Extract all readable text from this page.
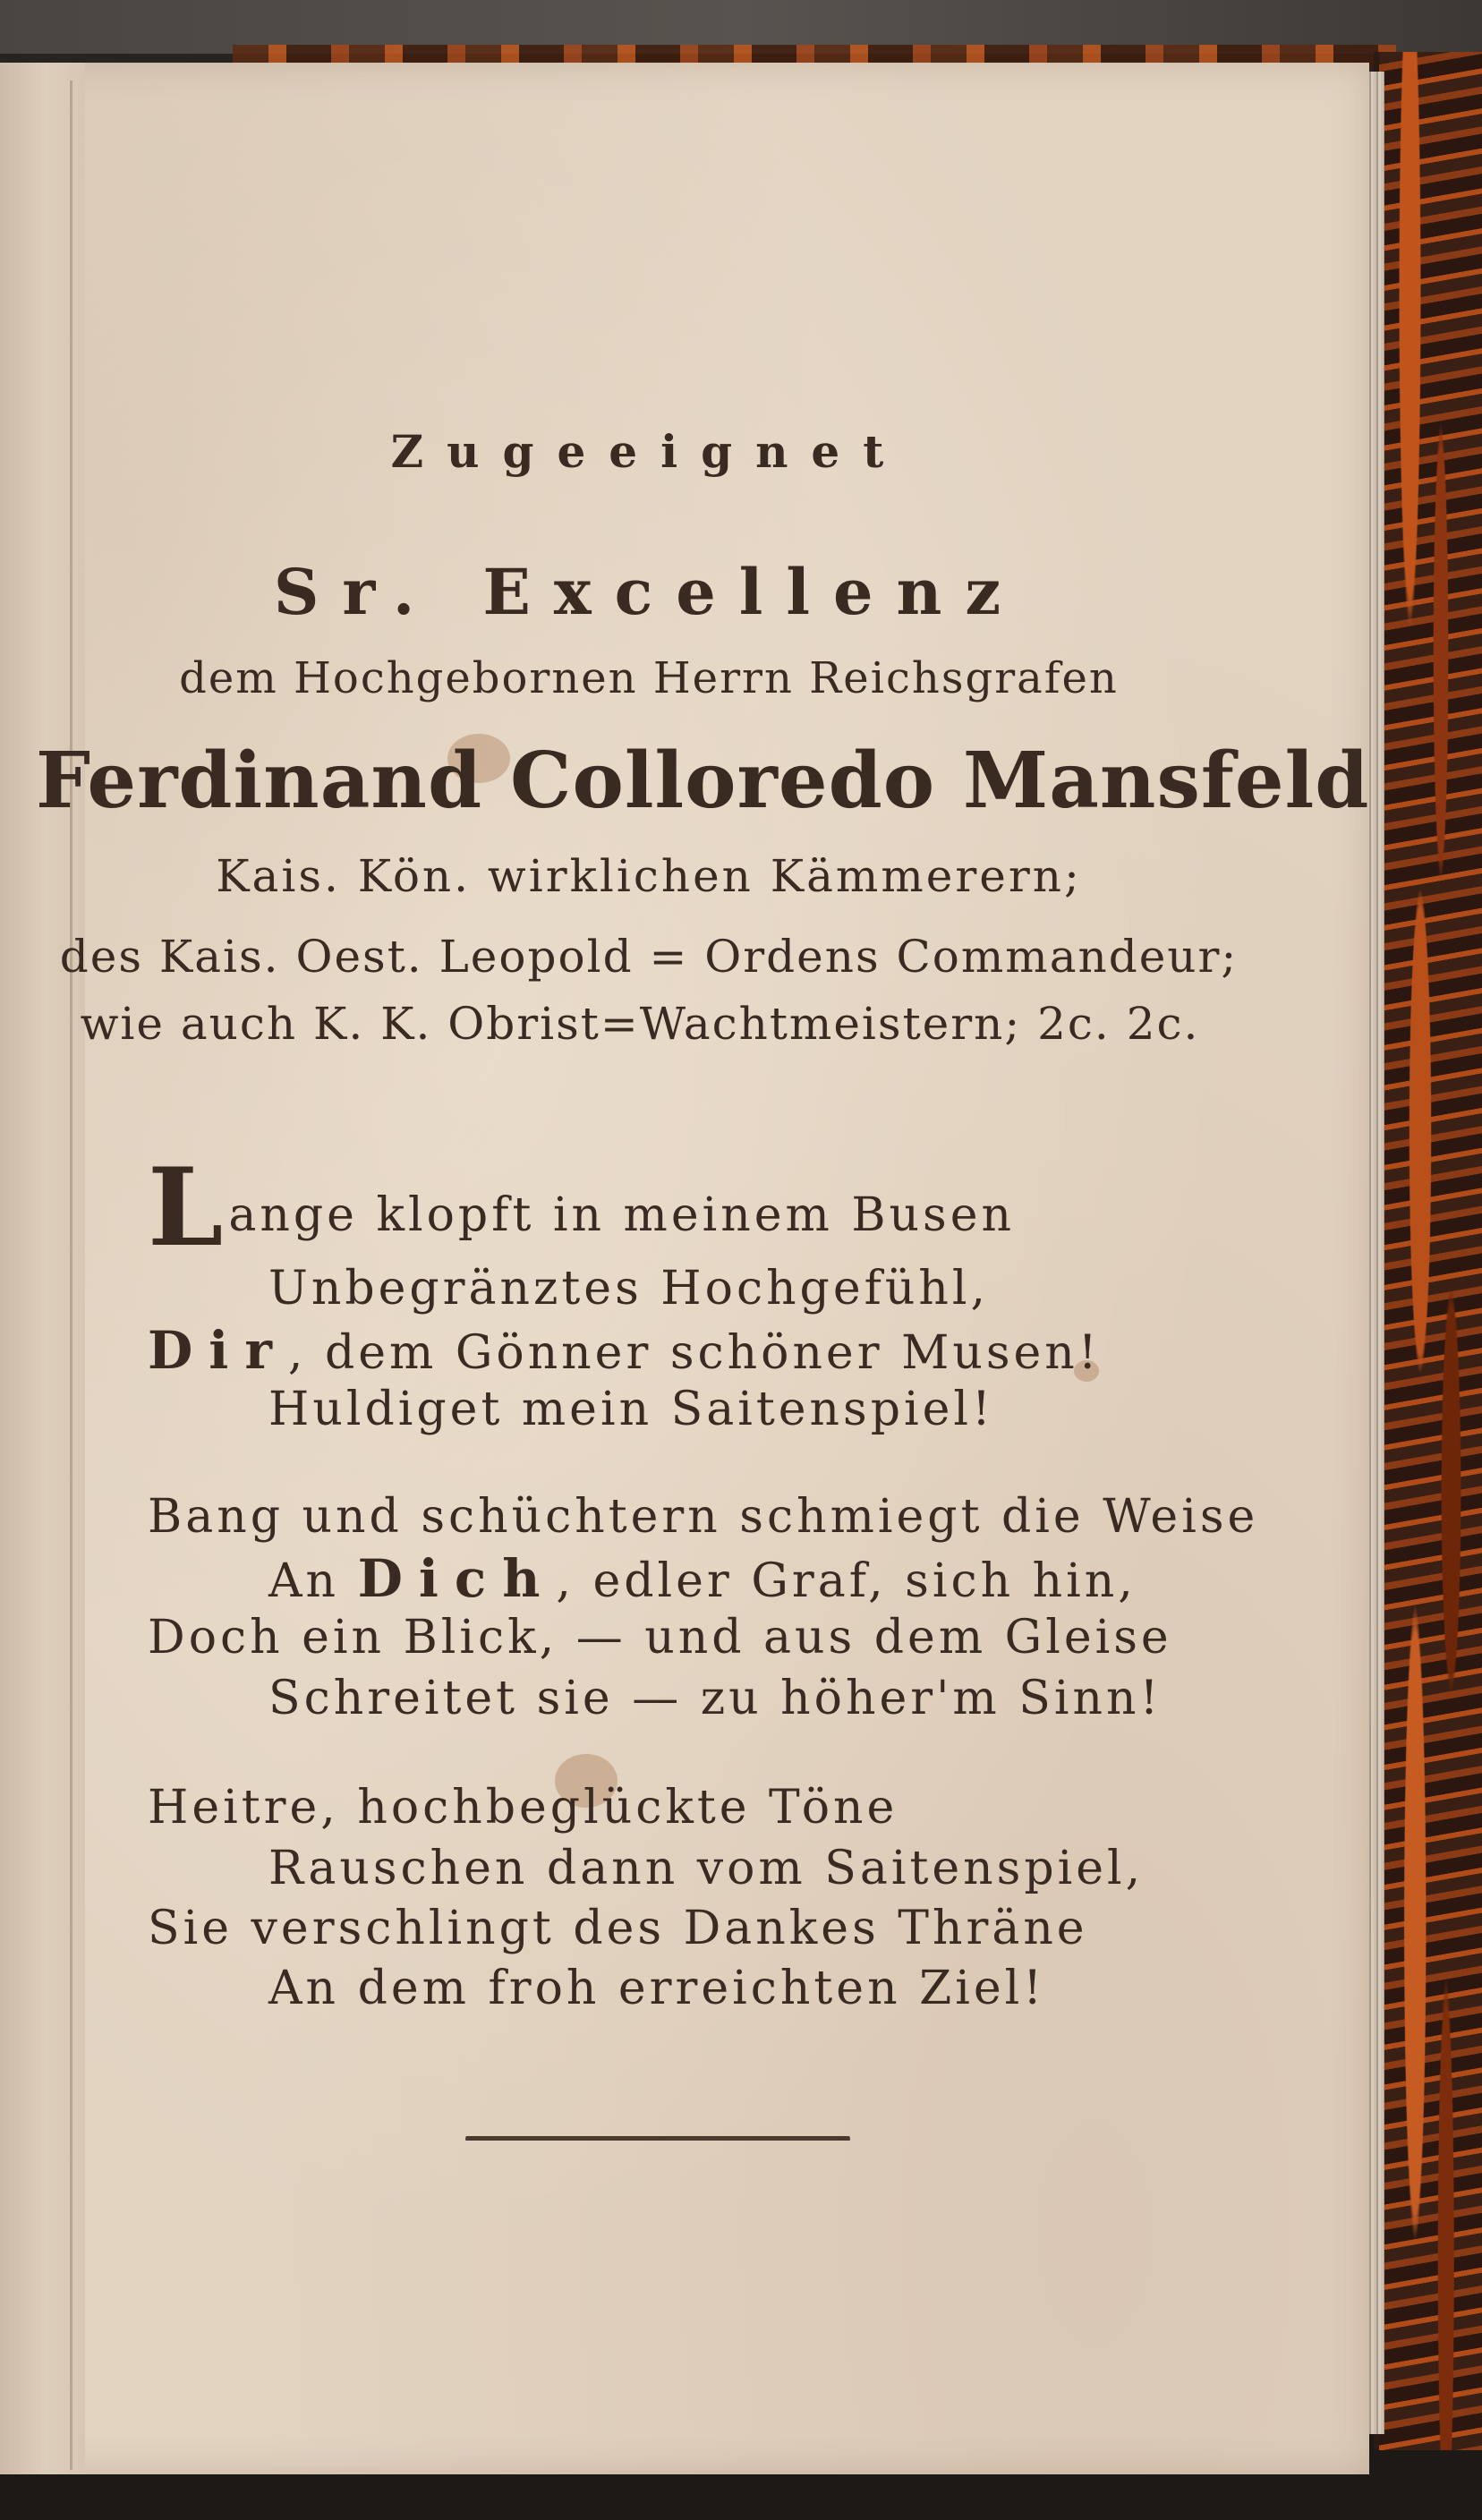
Zugeeignet

Sr. Excellenz

dem Hochgebornen Herrn Reichsgrafen

Ferdinand Colloredo Mansfeld

Kais. Kön. wirklichen Kämmerern;

des Kais. Oest. Leopold = Ordens Commandeur;

wie auch K. K. Obrist=Wachtmeistern; 2c. 2c.

Lange klopft in meinem Busen

Unbegränztes Hochgefühl,

Dir, dem Gönner schöner Musen!

Huldiget mein Saitenspiel!

Bang und schüchtern schmiegt die Weise

An Dich, edler Graf, sich hin,

Doch ein Blick, — und aus dem Gleise

Schreitet sie — zu höher'm Sinn!

Heitre, hochbeglückte Töne

Rauschen dann vom Saitenspiel,

Sie verschlingt des Dankes Thräne

An dem froh erreichten Ziel!
